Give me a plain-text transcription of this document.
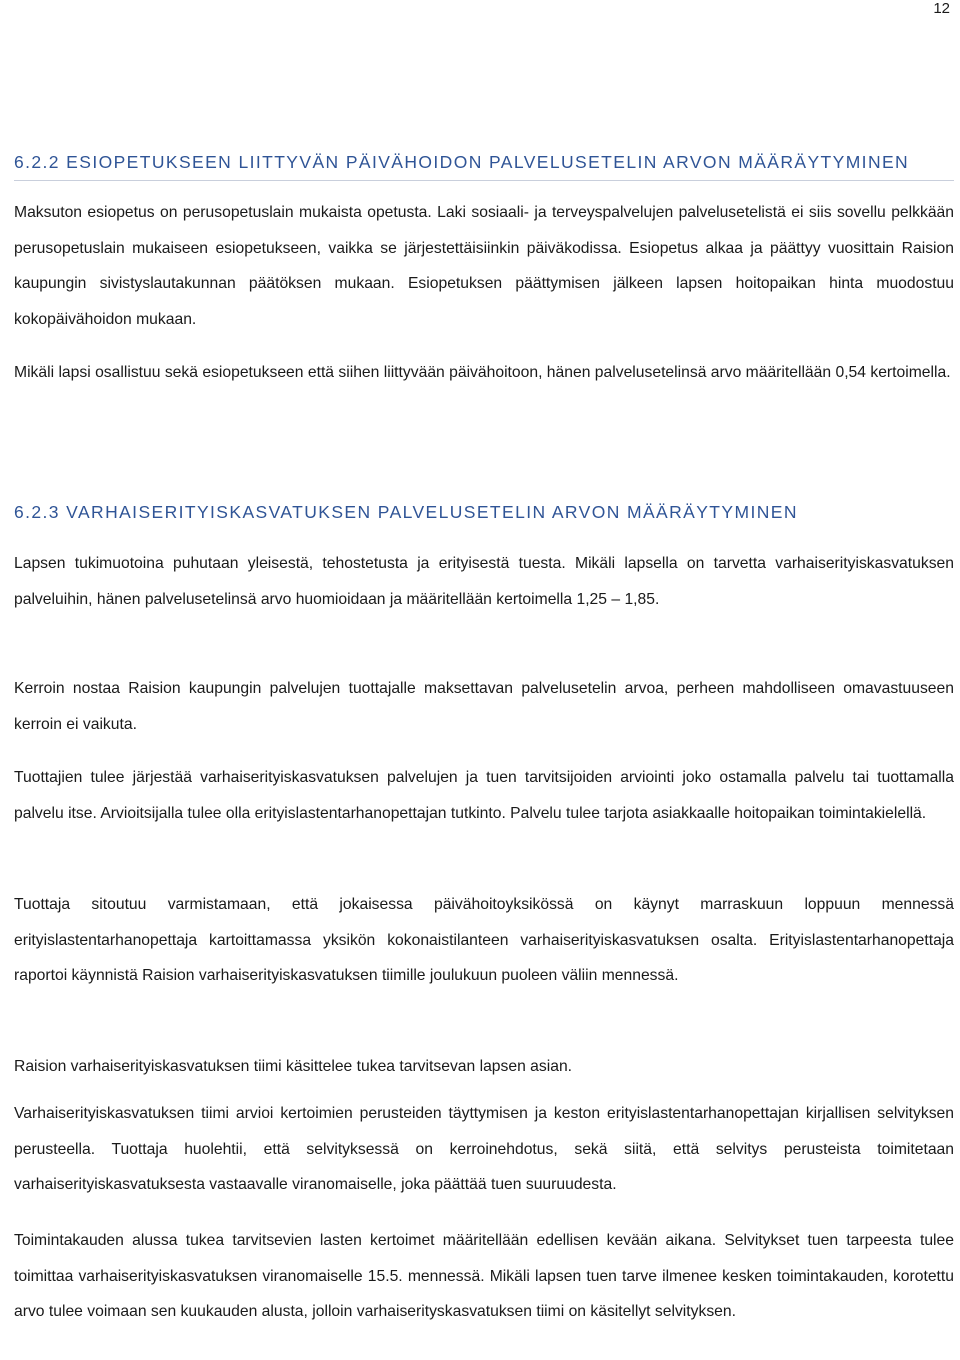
12
6.2.2 ESIOPETUKSEEN LIITTYVÄN PÄIVÄHOIDON PALVELUSETELIN ARVON MÄÄRÄYTYMINEN

Maksuton esiopetus on perusopetuslain mukaista opetusta. Laki sosiaali- ja terveyspalvelujen palvelusetelistä ei siis sovellu pelkkään perusopetuslain mukaiseen esiopetukseen, vaikka se järjestettäisiinkin päiväkodissa. Esiopetus alkaa ja päättyy vuosittain Raision kaupungin sivistyslautakunnan päätöksen mukaan. Esiopetuksen päättymisen jälkeen lapsen hoitopaikan hinta muodostuu kokopäivähoidon mukaan.

Mikäli lapsi osallistuu sekä esiopetukseen että siihen liittyvään päivähoitoon, hänen palvelusetelinsä arvo määritellään 0,54 kertoimella.

6.2.3 VARHAISERITYISKASVATUKSEN PALVELUSETELIN ARVON MÄÄRÄYTYMINEN

Lapsen tukimuotoina puhutaan yleisestä, tehostetusta ja erityisestä tuesta. Mikäli lapsella on tarvetta varhaiserityiskasvatuksen palveluihin, hänen palvelusetelinsä arvo huomioidaan ja määritellään kertoimella 1,25 – 1,85.

Kerroin nostaa Raision kaupungin palvelujen tuottajalle maksettavan palvelusetelin arvoa, perheen mahdolliseen omavastuuseen kerroin ei vaikuta.

Tuottajien tulee järjestää varhaiserityiskasvatuksen palvelujen ja tuen tarvitsijoiden arviointi joko ostamalla palvelu tai tuottamalla palvelu itse. Arvioitsijalla tulee olla erityislastentarhanopettajan tutkinto. Palvelu tulee tarjota asiakkaalle hoitopaikan toimintakielellä.

Tuottaja sitoutuu varmistamaan, että jokaisessa päivähoitoyksikössä on käynyt marraskuun loppuun mennessä erityislastentarhanopettaja kartoittamassa yksikön kokonaistilanteen varhaiserityiskasvatuksen osalta. Erityislastentarhanopettaja raportoi käynnistä Raision varhaiserityiskasvatuksen tiimille joulukuun puoleen väliin mennessä.

Raision varhaiserityiskasvatuksen tiimi käsittelee tukea tarvitsevan lapsen asian.

Varhaiserityiskasvatuksen tiimi arvioi kertoimien perusteiden täyttymisen ja keston erityislastentarhanopettajan kirjallisen selvityksen perusteella. Tuottaja huolehtii, että selvityksessä on kerroinehdotus, sekä siitä, että selvitys perusteista toimitetaan varhaiserityiskasvatuksesta vastaavalle viranomaiselle, joka päättää tuen suuruudesta.

Toimintakauden alussa tukea tarvitsevien lasten kertoimet määritellään edellisen kevään aikana. Selvitykset tuen tarpeesta tulee toimittaa varhaiserityiskasvatuksen viranomaiselle 15.5. mennessä. Mikäli lapsen tuen tarve ilmenee kesken toimintakauden, korotettu arvo tulee voimaan sen kuukauden alusta, jolloin varhaiserityskasvatuksen tiimi on käsitellyt selvityksen.
